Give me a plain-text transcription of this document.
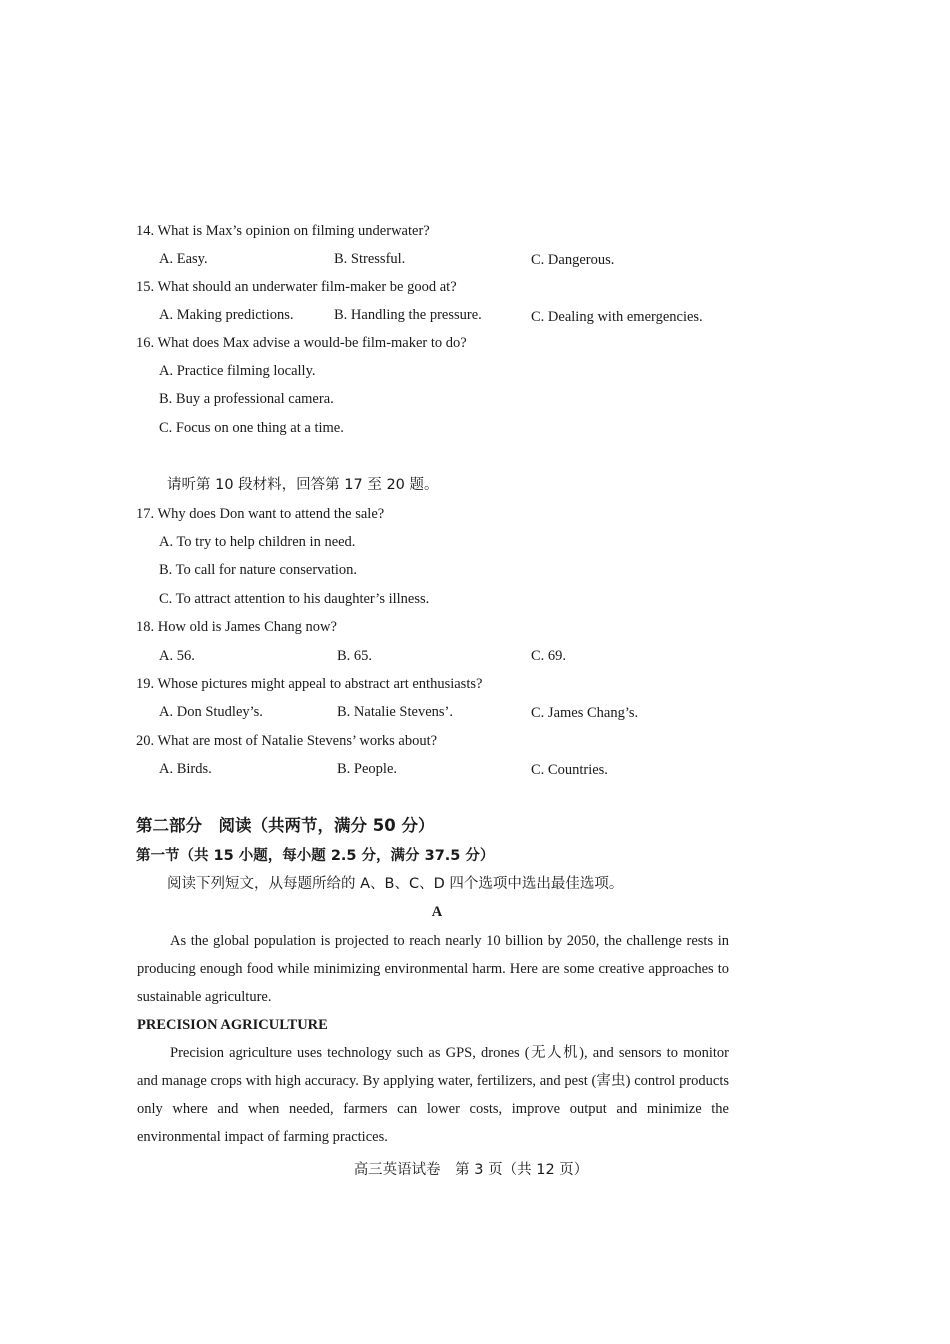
14. What is Max’s opinion on filming underwater?
A. Easy.	B. Stressful.	C. Dangerous.
15. What should an underwater film-maker be good at?
A. Making predictions.	B. Handling the pressure.	C. Dealing with emergencies.
16. What does Max advise a would-be film-maker to do?
A. Practice filming locally.
B. Buy a professional camera.
C. Focus on one thing at a time.
请听第 10 段材料，回答第 17 至 20 题。
17. Why does Don want to attend the sale?
A. To try to help children in need.
B. To call for nature conservation.
C. To attract attention to his daughter’s illness.
18. How old is James Chang now?
A. 56.	B. 65.	C. 69.
19. Whose pictures might appeal to abstract art enthusiasts?
A. Don Studley’s.	B. Natalie Stevens’.	C. James Chang’s.
20. What are most of Natalie Stevens’ works about?
A. Birds.	B. People.	C. Countries.
第二部分　阅读（共两节，满分 50 分）
第一节（共 15 小题，每小题 2.5 分，满分 37.5 分）
阅读下列短文，从每题所给的 A、B、C、D 四个选项中选出最佳选项。
A
As the global population is projected to reach nearly 10 billion by 2050, the challenge rests in producing enough food while minimizing environmental harm. Here are some creative approaches to sustainable agriculture.
PRECISION AGRICULTURE
Precision agriculture uses technology such as GPS, drones (无人机), and sensors to monitor and manage crops with high accuracy. By applying water, fertilizers, and pest (害虫) control products only where and when needed, farmers can lower costs, improve output and minimize the environmental impact of farming practices.
高三英语试卷　第 3 页（共 12 页）
